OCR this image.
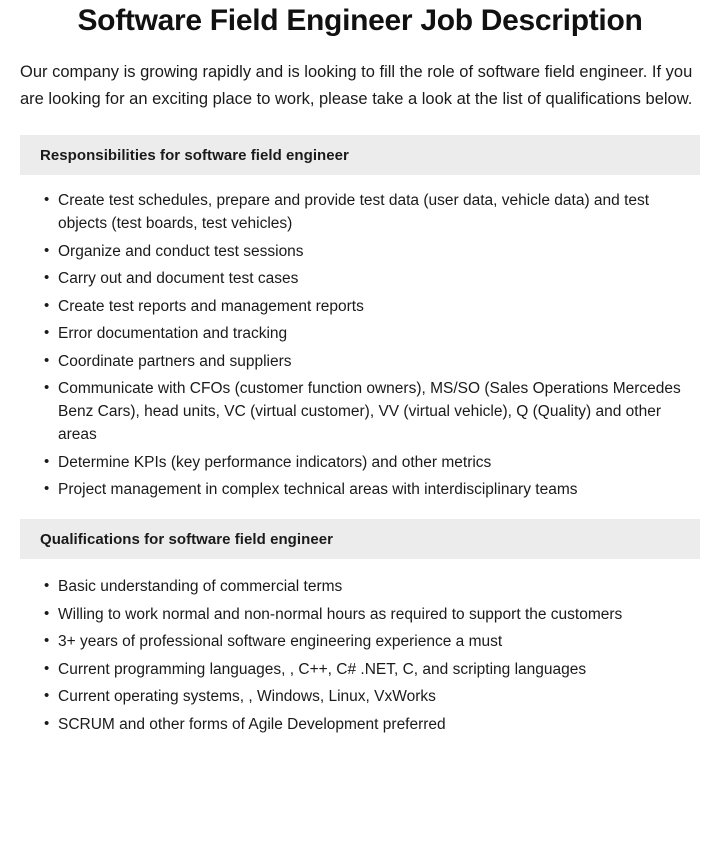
Software Field Engineer Job Description

Our company is growing rapidly and is looking to fill the role of software field engineer. If you are looking for an exciting place to work, please take a look at the list of qualifications below.

Responsibilities for software field engineer
• Create test schedules, prepare and provide test data (user data, vehicle data) and test objects (test boards, test vehicles)
• Organize and conduct test sessions
• Carry out and document test cases
• Create test reports and management reports
• Error documentation and tracking
• Coordinate partners and suppliers
• Communicate with CFOs (customer function owners), MS/SO (Sales Operations Mercedes Benz Cars), head units, VC (virtual customer), VV (virtual vehicle), Q (Quality) and other areas
• Determine KPIs (key performance indicators) and other metrics
• Project management in complex technical areas with interdisciplinary teams
Qualifications for software field engineer
• Basic understanding of commercial terms
• Willing to work normal and non-normal hours as required to support the customers
• 3+ years of professional software engineering experience a must
• Current programming languages, , C++, C# .NET, C, and scripting languages
• Current operating systems, , Windows, Linux, VxWorks
• SCRUM and other forms of Agile Development preferred
